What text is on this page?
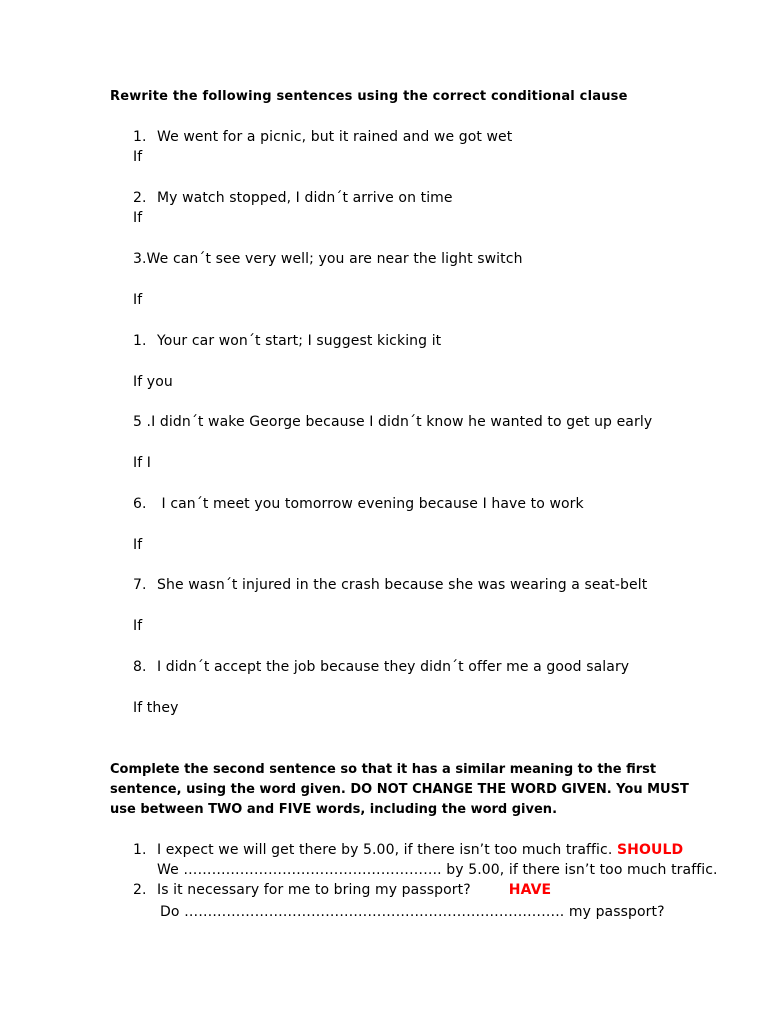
Rewrite the following sentences using the correct conditional clause
1. We went for a picnic, but it rained and we got wet
If
2. My watch stopped, I didn´t arrive on time
If
3.We can´t see very well; you are near the light switch
If
1. Your car won´t start; I suggest kicking it
If you
5 .I didn´t wake George because I didn´t know he wanted to get up early
If I
6. I can´t meet you tomorrow evening because I have to work
If
7. She wasn´t injured in the crash because she was wearing a seat-belt
If
8. I didn´t accept the job because they didn´t offer me a good salary
If they
Complete the second sentence so that it has a similar meaning to the first sentence, using the word given. DO NOT CHANGE THE WORD GIVEN. You MUST use between TWO and FIVE words, including the word given.
1. I expect we will get there by 5.00, if there isn’t too much traffic. SHOULD
We ………………………………………………. by 5.00, if there isn’t too much traffic.
2. Is it necessary for me to bring my passport?	HAVE
Do ……………………………………………………….…………….. my passport?
